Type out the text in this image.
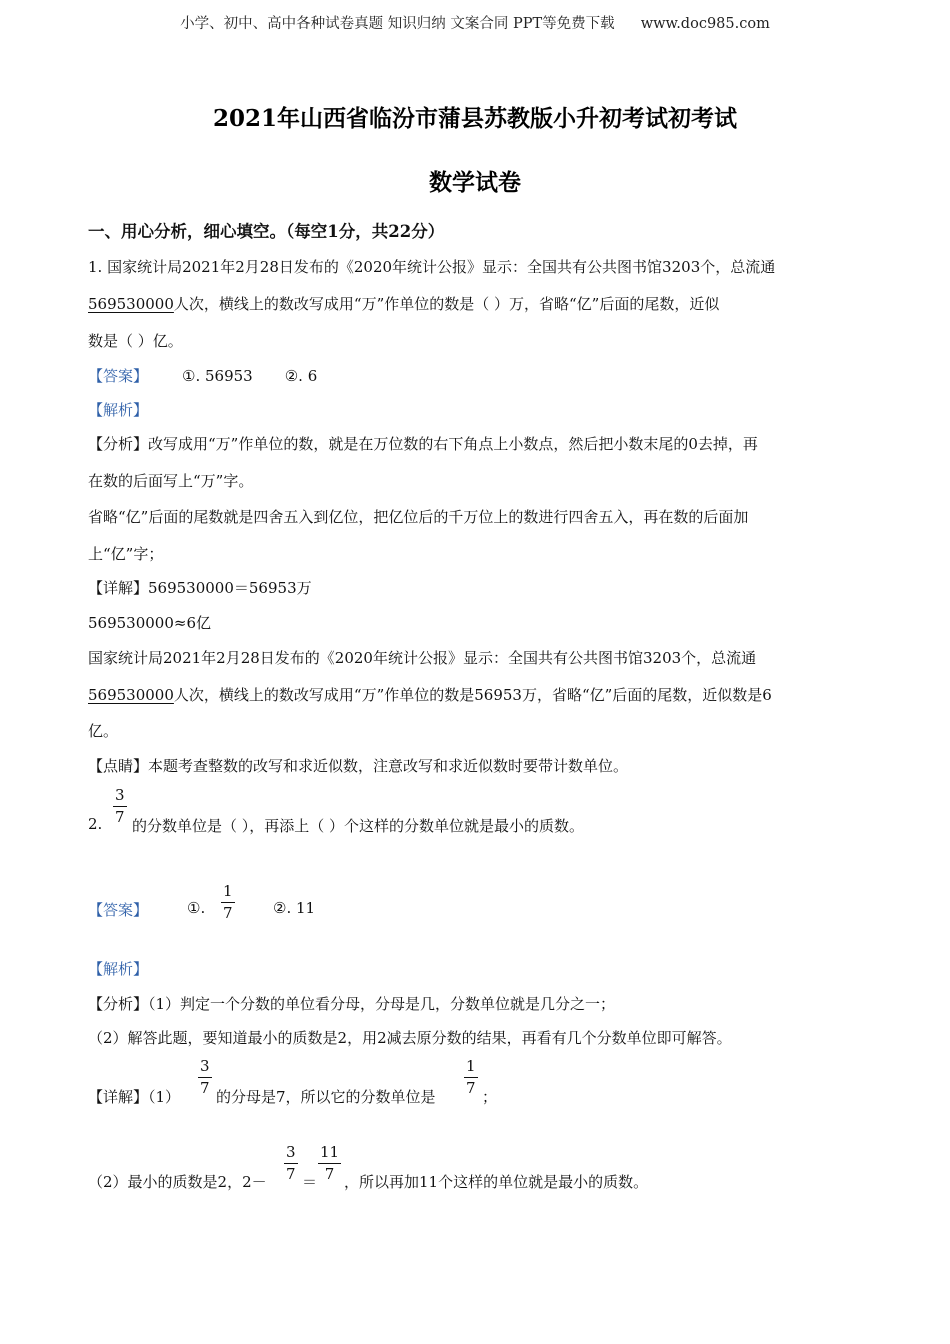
小学、初中、高中各种试卷真题 知识归纳 文案合同 PPT等免费下载 www.doc985.com
2021年山西省临汾市蒲县苏教版小升初考试初考试
数学试卷
一、用心分析，细心填空。（每空1分，共22分）
1. 国家统计局2021年2月28日发布的《2020年统计公报》显示：全国共有公共图书馆3203个，总流通
569530000人次，横线上的数改写成用“万”作单位的数是（ ）万，省略“亿”后面的尾数，近似
数是（ ）亿。
【答案】 ①. 56953 ②. 6
【解析】
【分析】改写成用“万”作单位的数，就是在万位数的右下角点上小数点，然后把小数末尾的0去掉，再
在数的后面写上“万”字。
省略“亿”后面的尾数就是四舍五入到亿位，把亿位后的千万位上的数进行四舍五入，再在数的后面加
上“亿”字；
【详解】569530000＝56953万
569530000≈6亿
国家统计局2021年2月28日发布的《2020年统计公报》显示：全国共有公共图书馆3203个，总流通
569530000人次，横线上的数改写成用“万”作单位的数是56953万，省略“亿”后面的尾数，近似数是6
亿。
【点睛】本题考查整数的改写和求近似数，注意改写和求近似数时要带计数单位。
2. $\frac{3}{7}$
的分数单位是（ ），再添上（ ）个这样的分数单位就是最小的质数。
【答案】	①. $\frac{1}{7}$	②. 11
【解析】
【分析】（1）判定一个分数的单位看分母，分母是几，分数单位就是几分之一；
（2）解答此题，要知道最小的质数是2，用2减去原分数的结果，再看有几个分数单位即可解答。
【详解】（1）
$\frac{3}{7}$
的分母是7，所以它的分数单位是
$\frac{1}{7}$
；
（2）最小的质数是2，$2- \frac{3}{7} = \frac{11}{7}$ ，所以再加11个这样的单位就是最小的质数。
